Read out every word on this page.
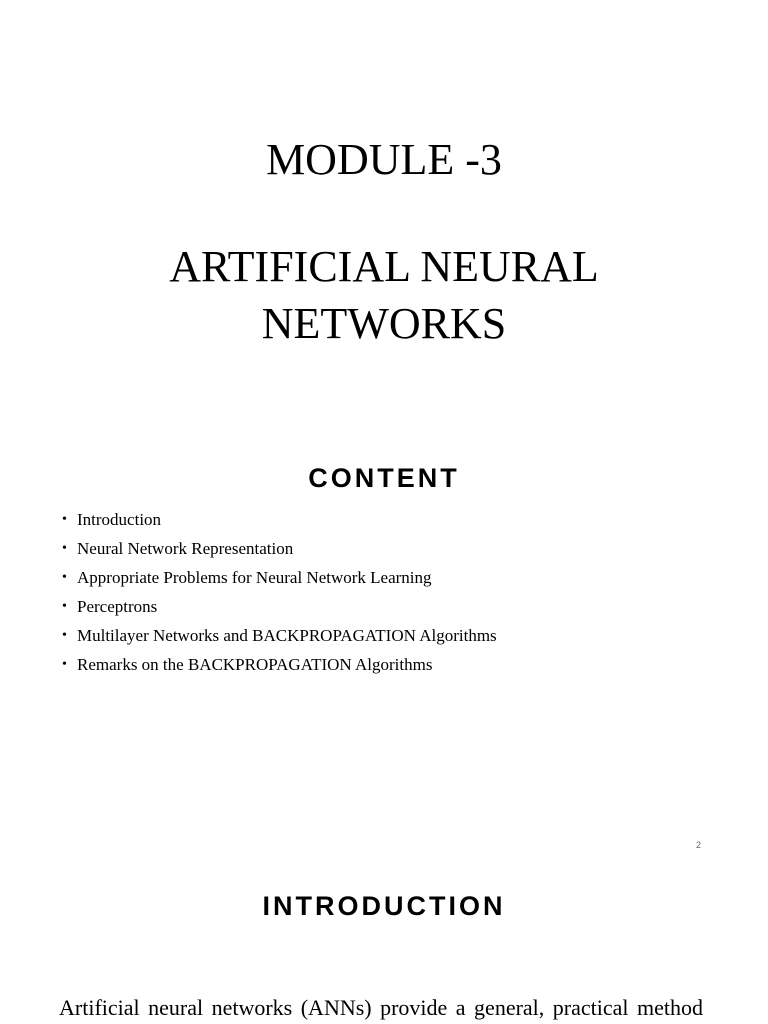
MODULE -3
ARTIFICIAL NEURAL
NETWORKS
CONTENT
• Introduction
• Neural Network Representation
• Appropriate Problems for Neural Network Learning
• Perceptrons
• Multilayer Networks and BACKPROPAGATION Algorithms
• Remarks on the BACKPROPAGATION Algorithms
2
INTRODUCTION

Artificial neural networks (ANNs) provide a general, practical method
